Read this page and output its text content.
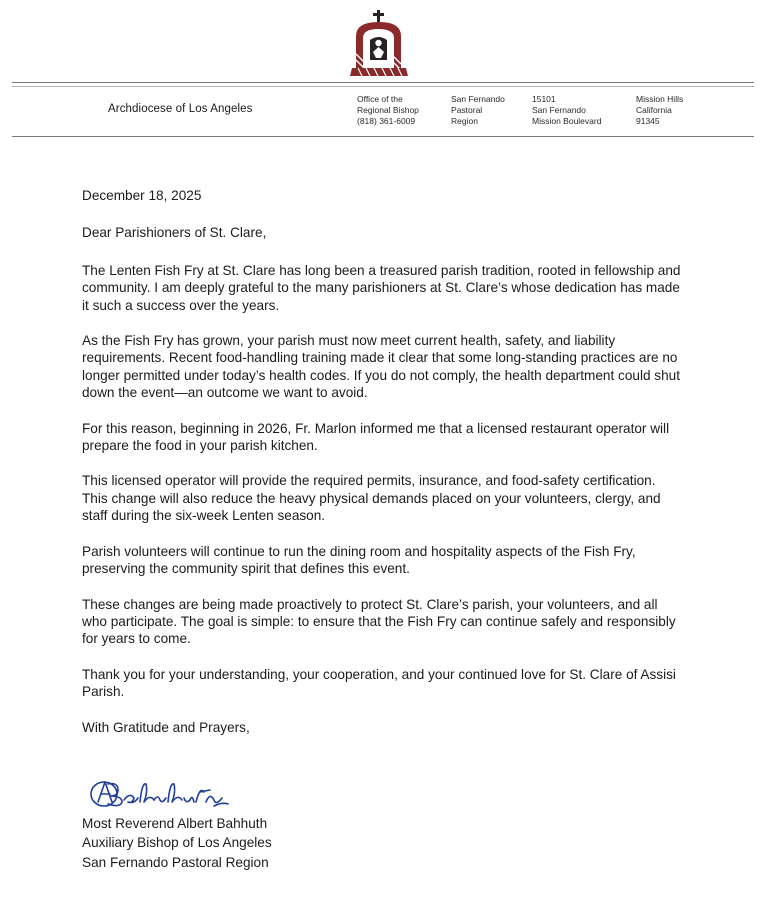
Archdiocese of Los Angeles
Office of the
Regional Bishop
(818) 361-6009
San Fernando
Pastoral
Region
15101
San Fernando
Mission Boulevard
Mission Hills
California
91345

December 18, 2025

Dear Parishioners of St. Clare,

The Lenten Fish Fry at St. Clare has long been a treasured parish tradition, rooted in fellowship and community. I am deeply grateful to the many parishioners at St. Clare’s whose dedication has made it such a success over the years.

As the Fish Fry has grown, your parish must now meet current health, safety, and liability requirements. Recent food-handling training made it clear that some long-standing practices are no longer permitted under today’s health codes. If you do not comply, the health department could shut down the event—an outcome we want to avoid.

For this reason, beginning in 2026, Fr. Marlon informed me that a licensed restaurant operator will prepare the food in your parish kitchen.

This licensed operator will provide the required permits, insurance, and food-safety certification. This change will also reduce the heavy physical demands placed on your volunteers, clergy, and staff during the six-week Lenten season.

Parish volunteers will continue to run the dining room and hospitality aspects of the Fish Fry, preserving the community spirit that defines this event.

These changes are being made proactively to protect St. Clare’s parish, your volunteers, and all who participate. The goal is simple: to ensure that the Fish Fry can continue safely and responsibly for years to come.

Thank you for your understanding, your cooperation, and your continued love for St. Clare of Assisi Parish.

With Gratitude and Prayers,

Most Reverend Albert Bahhuth
Auxiliary Bishop of Los Angeles
San Fernando Pastoral Region
